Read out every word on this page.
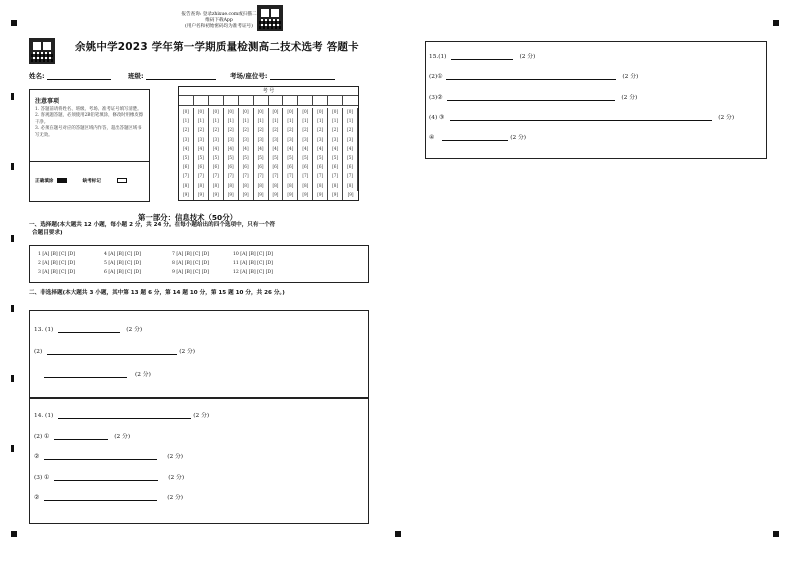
报告查询: 登录zhixue.com或扫描二维码下载App
(用户名和初始密码均为准考证号)
余姚中学2023 学年第一学期质量检测高二技术选考 答题卡
姓名:	班级:	考场/座位号:
注意事项
1. 答题前请将姓名、班级、考场、准考证号填写清楚。
2. 客观题答题，必须使用2B铅笔填涂，修改时用橡皮擦干净。
3. 必须在题号对应的答题区域内作答，超出答题区域书写无效。
正确填涂	缺考标记
考 号
[0]	[0]	[0]	[0]	[0]	[0]	[0]	[0]	[0]	[0]	[0]	[0]
[1]	[1]	[1]	[1]	[1]	[1]	[1]	[1]	[1]	[1]	[1]	[1]
[2]	[2]	[2]	[2]	[2]	[2]	[2]	[2]	[2]	[2]	[2]	[2]
[3]	[3]	[3]	[3]	[3]	[3]	[3]	[3]	[3]	[3]	[3]	[3]
[4]	[4]	[4]	[4]	[4]	[4]	[4]	[4]	[4]	[4]	[4]	[4]
[5]	[5]	[5]	[5]	[5]	[5]	[5]	[5]	[5]	[5]	[5]	[5]
[6]	[6]	[6]	[6]	[6]	[6]	[6]	[6]	[6]	[6]	[6]	[6]
[7]	[7]	[7]	[7]	[7]	[7]	[7]	[7]	[7]	[7]	[7]	[7]
[8]	[8]	[8]	[8]	[8]	[8]	[8]	[8]	[8]	[8]	[8]	[8]
[9]	[9]	[9]	[9]	[9]	[9]	[9]	[9]	[9]	[9]	[9]	[9]
第一部分：信息技术（50分）
一、选择题(本大题共 12 小题，每小题 2 分，共 24 分。在每小题给出的四个选项中，只有一个符
合题目要求)
1 [A] [B] [C] [D]	4 [A] [B] [C] [D]	7 [A] [B] [C] [D]	10 [A] [B] [C] [D]
2 [A] [B] [C] [D]	5 [A] [B] [C] [D]	8 [A] [B] [C] [D]	11 [A] [B] [C] [D]
3 [A] [B] [C] [D]	6 [A] [B] [C] [D]	9 [A] [B] [C] [D]	12 [A] [B] [C] [D]
二、非选择题(本大题共 3 小题，其中第 13 题 6 分，第 14 题 10 分，第 15 题 10 分，共 26 分。)
13. (1)	(2 分)
(2)	(2 分)
(2 分)
14. (1)	(2 分)
(2) ①	(2 分)
②	(2 分)
(3) ①	(2 分)
②	(2 分)
15.(1)	(2 分)
(2)①	(2 分)
(3)②	(2 分)
(4) ③	(2 分)
④	(2 分)
